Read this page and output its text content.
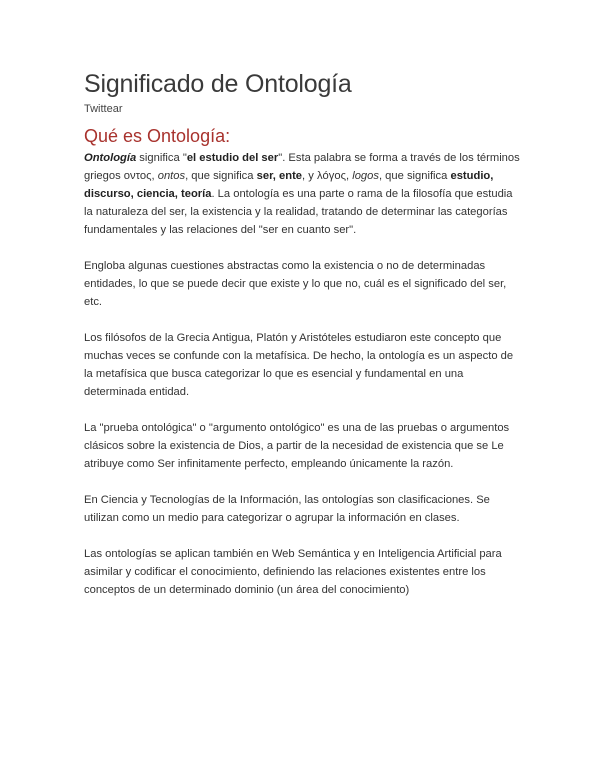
Significado de Ontología
Twittear
Qué es Ontología:

Ontología significa "el estudio del ser". Esta palabra se forma a través de los términos griegos οντος, ontos, que significa ser, ente, y λóγος, logos, que significa estudio, discurso, ciencia, teoría. La ontología es una parte o rama de la filosofía que estudia la naturaleza del ser, la existencia y la realidad, tratando de determinar las categorías fundamentales y las relaciones del "ser en cuanto ser".

Engloba algunas cuestiones abstractas como la existencia o no de determinadas entidades, lo que se puede decir que existe y lo que no, cuál es el significado del ser, etc.

Los filósofos de la Grecia Antigua, Platón y Aristóteles estudiaron este concepto que muchas veces se confunde con la metafísica. De hecho, la ontología es un aspecto de la metafísica que busca categorizar lo que es esencial y fundamental en una determinada entidad.

La "prueba ontológica" o "argumento ontológico" es una de las pruebas o argumentos clásicos sobre la existencia de Dios, a partir de la necesidad de existencia que se Le atribuye como Ser infinitamente perfecto, empleando únicamente la razón.

En Ciencia y Tecnologías de la Información, las ontologías son clasificaciones. Se utilizan como un medio para categorizar o agrupar la información en clases.

Las ontologías se aplican también en Web Semántica y en Inteligencia Artificial para asimilar y codificar el conocimiento, definiendo las relaciones existentes entre los conceptos de un determinado dominio (un área del conocimiento)
